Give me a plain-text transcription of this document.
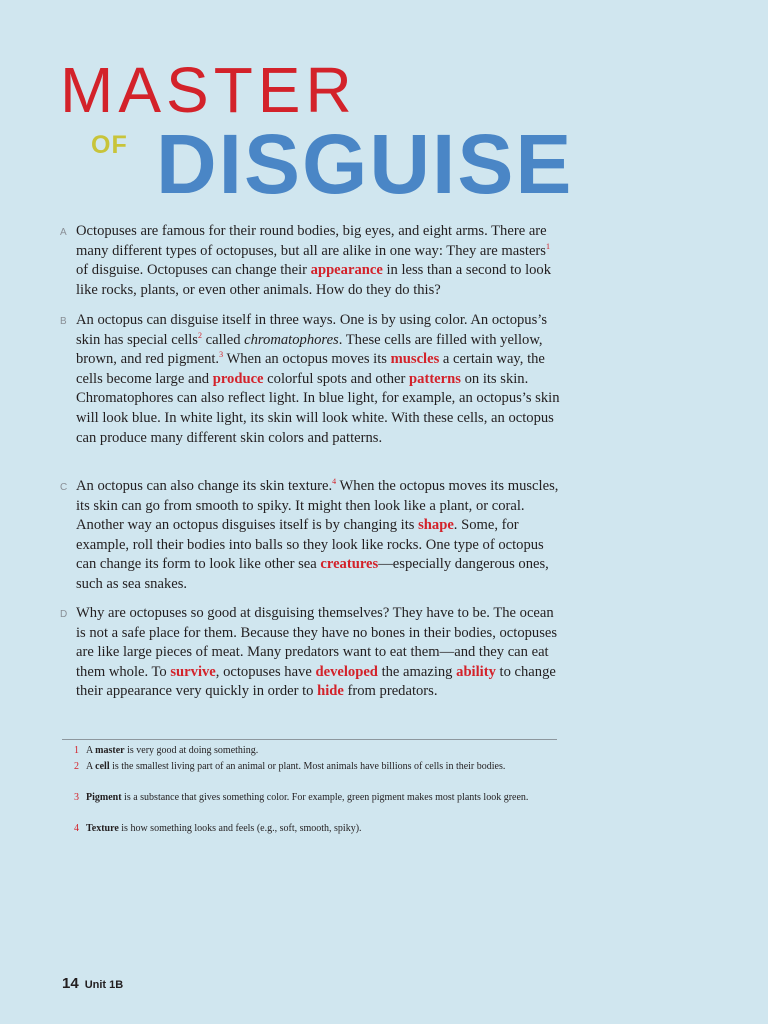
MASTER
OF DISGUISE

A Octopuses are famous for their round bodies, big eyes, and eight arms. There are many different types of octopuses, but all are alike in one way: They are masters$^1$ of disguise. Octopuses can change their appearance in less than a second to look like rocks, plants, or even other animals. How do they do this?

B An octopus can disguise itself in three ways. One is by using color. An octopus’s skin has special cells$^2$ called chromatophores. These cells are filled with yellow, brown, and red pigment.$^3$ When an octopus moves its muscles a certain way, the cells become large and produce colorful spots and other patterns on its skin. Chromatophores can also reflect light. In blue light, for example, an octopus’s skin will look blue. In white light, its skin will look white. With these cells, an octopus can produce many different skin colors and patterns.

C An octopus can also change its skin texture.$^4$ When the octopus moves its muscles, its skin can go from smooth to spiky. It might then look like a plant, or coral. Another way an octopus disguises itself is by changing its shape. Some, for example, roll their bodies into balls so they look like rocks. One type of octopus can change its form to look like other sea creatures—especially dangerous ones, such as sea snakes.

D Why are octopuses so good at disguising themselves? They have to be. The ocean is not a safe place for them. Because they have no bones in their bodies, octopuses are like large pieces of meat. Many predators want to eat them—and they can eat them whole. To survive, octopuses have developed the amazing ability to change their appearance very quickly in order to hide from predators.

1 A master is very good at doing something.
2 A cell is the smallest living part of an animal or plant. Most animals have billions of cells in their bodies.
3 Pigment is a substance that gives something color. For example, green pigment makes most plants look green.
4 Texture is how something looks and feels (e.g., soft, smooth, spiky).
14 Unit 1B
